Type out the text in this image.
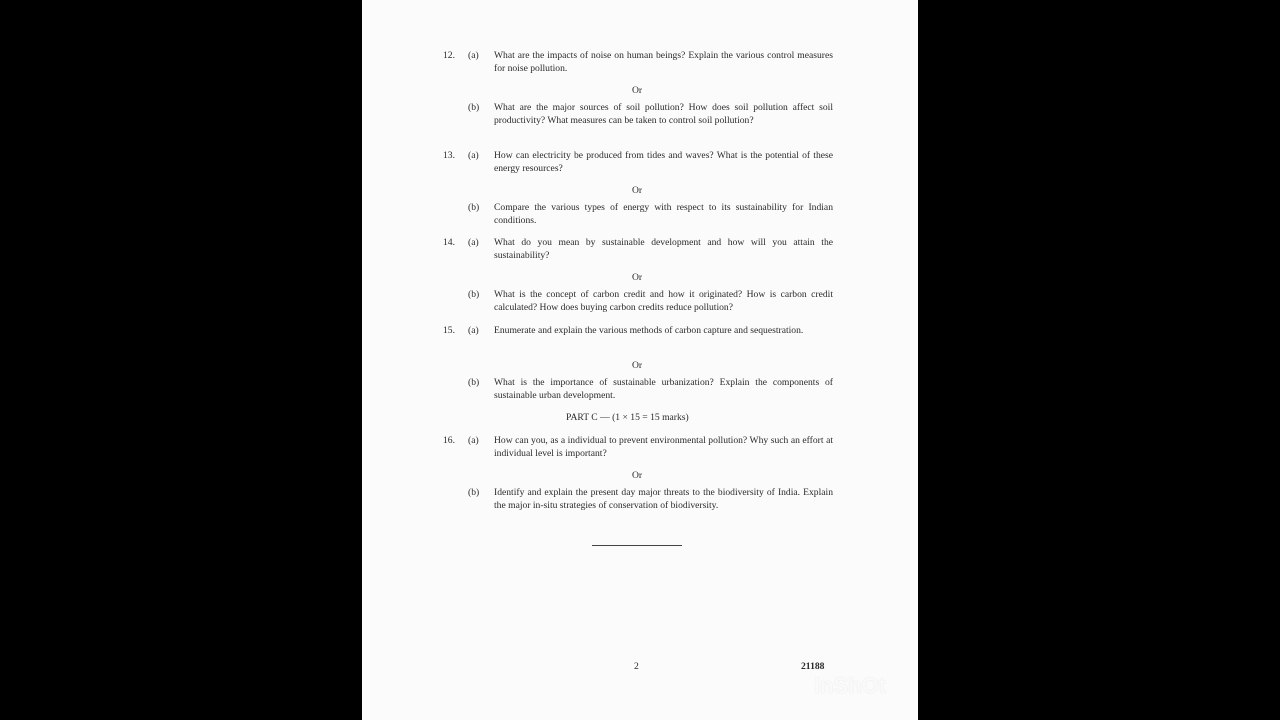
12. (a) What are the impacts of noise on human beings? Explain the various control measures for noise pollution.
Or
(b) What are the major sources of soil pollution? How does soil pollution affect soil productivity? What measures can be taken to control soil pollution?
13. (a) How can electricity be produced from tides and waves? What is the potential of these energy resources?
Or
(b) Compare the various types of energy with respect to its sustainability for Indian conditions.
14. (a) What do you mean by sustainable development and how will you attain the sustainability?
Or
(b) What is the concept of carbon credit and how it originated? How is carbon credit calculated? How does buying carbon credits reduce pollution?
15. (a) Enumerate and explain the various methods of carbon capture and sequestration.
Or
(b) What is the importance of sustainable urbanization? Explain the components of sustainable urban development.
PART C — (1 × 15 = 15 marks)
16. (a) How can you, as a individual to prevent environmental pollution? Why such an effort at individual level is important?
Or
(b) Identify and explain the present day major threats to the biodiversity of India. Explain the major in-situ strategies of conservation of biodiversity.
2	21188
InShOt
